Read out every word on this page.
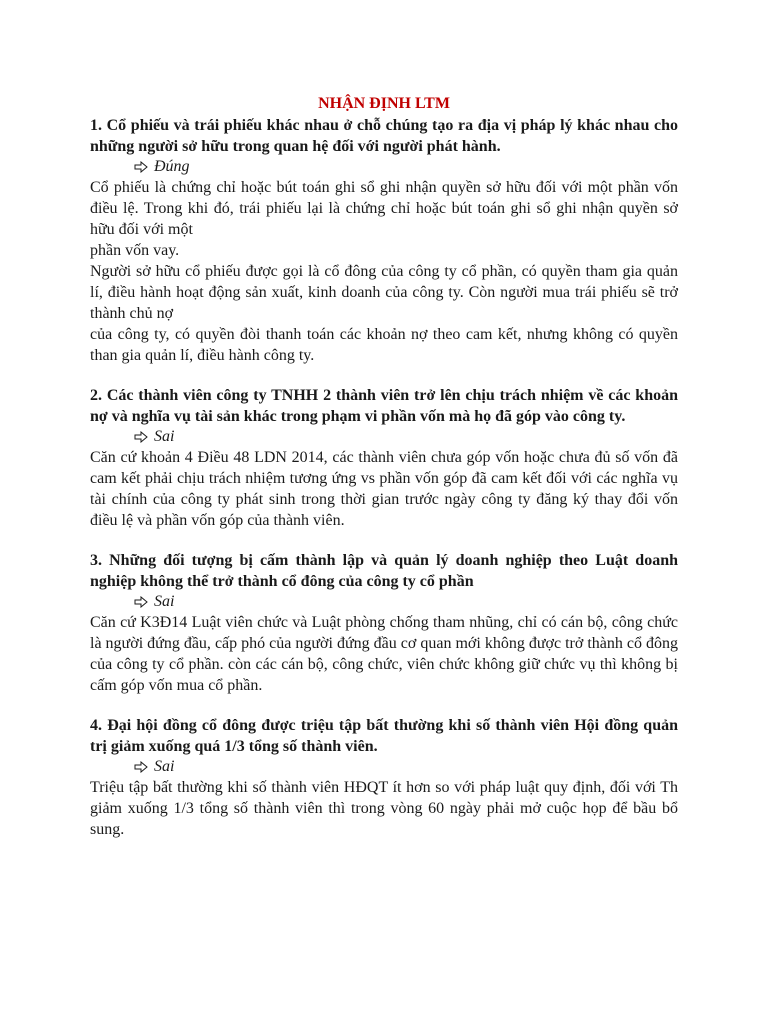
NHẬN ĐỊNH LTM

1. Cổ phiếu và trái phiếu khác nhau ở chỗ chúng tạo ra địa vị pháp lý khác nhau cho những người sở hữu trong quan hệ đối với người phát hành.

Đúng

Cổ phiếu là chứng chỉ hoặc bút toán ghi sổ ghi nhận quyền sở hữu đối với một phần vốn điều lệ. Trong khi đó, trái phiếu lại là chứng chỉ hoặc bút toán ghi sổ ghi nhận quyền sở hữu đối với một

phần vốn vay.

Người sở hữu cổ phiếu được gọi là cổ đông của công ty cổ phần, có quyền tham gia quản lí, điều hành hoạt động sản xuất, kinh doanh của công ty. Còn người mua trái phiếu sẽ trở thành chủ nợ

của công ty, có quyền đòi thanh toán các khoản nợ theo cam kết, nhưng không có quyền than gia quản lí, điều hành công ty.

2. Các thành viên công ty TNHH 2 thành viên trở lên chịu trách nhiệm về các khoản nợ và nghĩa vụ tài sản khác trong phạm vi phần vốn mà họ đã góp vào công ty.

Sai

Căn cứ khoản 4 Điều 48 LDN 2014, các thành viên chưa góp vốn hoặc chưa đủ số vốn đã cam kết phải chịu trách nhiệm tương ứng vs phần vốn góp đã cam kết đối với các nghĩa vụ tài chính của công ty phát sinh trong thời gian trước ngày công ty đăng ký thay đổi vốn điều lệ và phần vốn góp của thành viên.

3. Những đối tượng bị cấm thành lập và quản lý doanh nghiệp theo Luật doanh nghiệp không thể trở thành cổ đông của công ty cổ phần

Sai

Căn cứ K3Đ14 Luật viên chức và Luật phòng chống tham nhũng, chỉ có cán bộ, công chức là người đứng đầu, cấp phó của người đứng đầu cơ quan mới không được trở thành cổ đông của công ty cổ phần. còn các cán bộ, công chức, viên chức không giữ chức vụ thì không bị cấm góp vốn mua cổ phần.

4. Đại hội đồng cổ đông được triệu tập bất thường khi số thành viên Hội đồng quản trị giảm xuống quá 1/3 tổng số thành viên.

Sai

Triệu tập bất thường khi số thành viên HĐQT ít hơn so với pháp luật quy định, đối với Th giảm xuống 1/3 tổng số thành viên thì trong vòng 60 ngày phải mở cuộc họp để bầu bổ sung.
